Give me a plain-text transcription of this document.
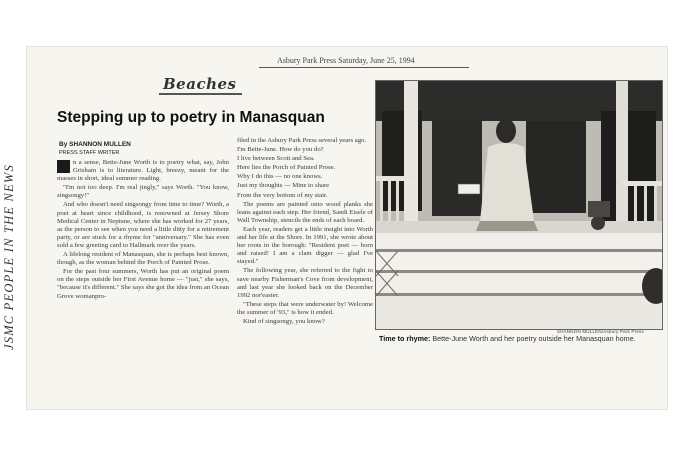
JSMC PEOPLE IN THE NEWS
Asbury Park Press Saturday, June 25, 1994
Beaches
Stepping up to poetry in Manasquan
By SHANNON MULLEN
PRESS STAFF WRITER

n a sense, Bette-June Worth is to poetry what, say, John Grisham is to literature. Light, breezy, meant for the masses in short, ideal summer reading.

"I'm not too deep. I'm real jingly," says Worth. "You know, singsongy!"

And who doesn't need singsongy from time to time? Worth, a poet at heart since childhood, is renowned at Jersey Shore Medical Center in Neptune, where she has worked for 27 years, as the person to see when you need a little ditty for a retirement party, or are stuck for a rhyme for "anniversary." She has even sold a few greeting card to Hallmark over the years.

A lifelong resident of Manasquan, she is perhaps best known, though, as the woman behind the Porch of Painted Prose.

For the past four summers, Worth has put an original poem on the steps outside her First Avenue home — "just," she says, "because it's different." She says she got the idea from an Ocean Grove womanpro-

filed in the Asbury Park Press several years ago.

I'm Bette-June. How do you do?

I live between Scott and Sea.

Here lies the Porch of Painted Prose.

Why I do this — no one knows.

Just my thoughts — Mine to share

From the very bottom of my stair.

The poems are painted onto wood planks she leans against each step. Her friend, Sandi Eisele of Wall Township, stencils the ends of each board.

Each year, readers get a little insight into Worth and her life at the Shore. In 1991, she wrote about her roots in the borough: "Resident poet — born and raised! I am a clam digger — glad I've stayed."

The following year, she referred to the fight to save nearby Fisherman's Cove from development, and last year she looked back on the December 1992 nor'easter.

"These steps that were underwater by! Welcome the summer of '93," is how it ended.

Kind of singsongy, you know?

SHANNON MULLEN/Asbury Park Press
Time to rhyme: Bette-June Worth and her poetry outside her Manasquan home.
